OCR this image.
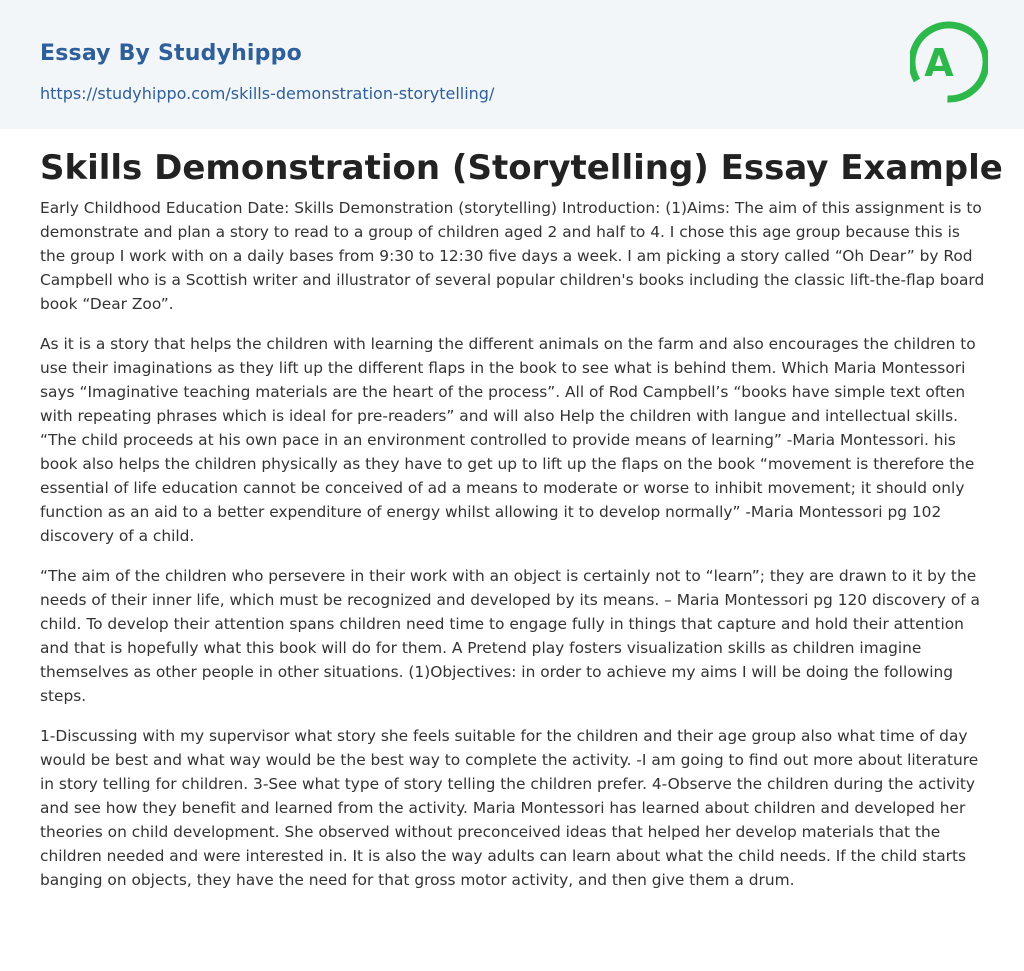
Essay By Studyhippo
https://studyhippo.com/skills-demonstration-storytelling/
A
Skills Demonstration (Storytelling) Essay Example

Early Childhood Education Date: Skills Demonstration (storytelling) Introduction: (1)Aims: The aim of this assignment is to demonstrate and plan a story to read to a group of children aged 2 and half to 4. I chose this age group because this is the group I work with on a daily bases from 9:30 to 12:30 five days a week. I am picking a story called “Oh Dear” by Rod Campbell who is a Scottish writer and illustrator of several popular children's books including the classic lift-the-flap board book “Dear Zoo”.

As it is a story that helps the children with learning the different animals on the farm and also encourages the children to use their imaginations as they lift up the different flaps in the book to see what is behind them. Which Maria Montessori says “Imaginative teaching materials are the heart of the process”. All of Rod Campbell’s “books have simple text often with repeating phrases which is ideal for pre-readers” and will also Help the children with langue and intellectual skills. “The child proceeds at his own pace in an environment controlled to provide means of learning” -Maria Montessori. his book also helps the children physically as they have to get up to lift up the flaps on the book “movement is therefore the essential of life education cannot be conceived of ad a means to moderate or worse to inhibit movement; it should only function as an aid to a better expenditure of energy whilst allowing it to develop normally” -Maria Montessori pg 102 discovery of a child.

“The aim of the children who persevere in their work with an object is certainly not to “learn”; they are drawn to it by the needs of their inner life, which must be recognized and developed by its means. – Maria Montessori pg 120 discovery of a child. To develop their attention spans children need time to engage fully in things that capture and hold their attention and that is hopefully what this book will do for them. A Pretend play fosters visualization skills as children imagine themselves as other people in other situations. (1)Objectives: in order to achieve my aims I will be doing the following steps.

1-Discussing with my supervisor what story she feels suitable for the children and their age group also what time of day would be best and what way would be the best way to complete the activity. -I am going to find out more about literature in story telling for children. 3-See what type of story telling the children prefer. 4-Observe the children during the activity and see how they benefit and learned from the activity. Maria Montessori has learned about children and developed her theories on child development. She observed without preconceived ideas that helped her develop materials that the children needed and were interested in. It is also the way adults can learn about what the child needs. If the child starts banging on objects, they have the need for that gross motor activity, and then give them a drum.
